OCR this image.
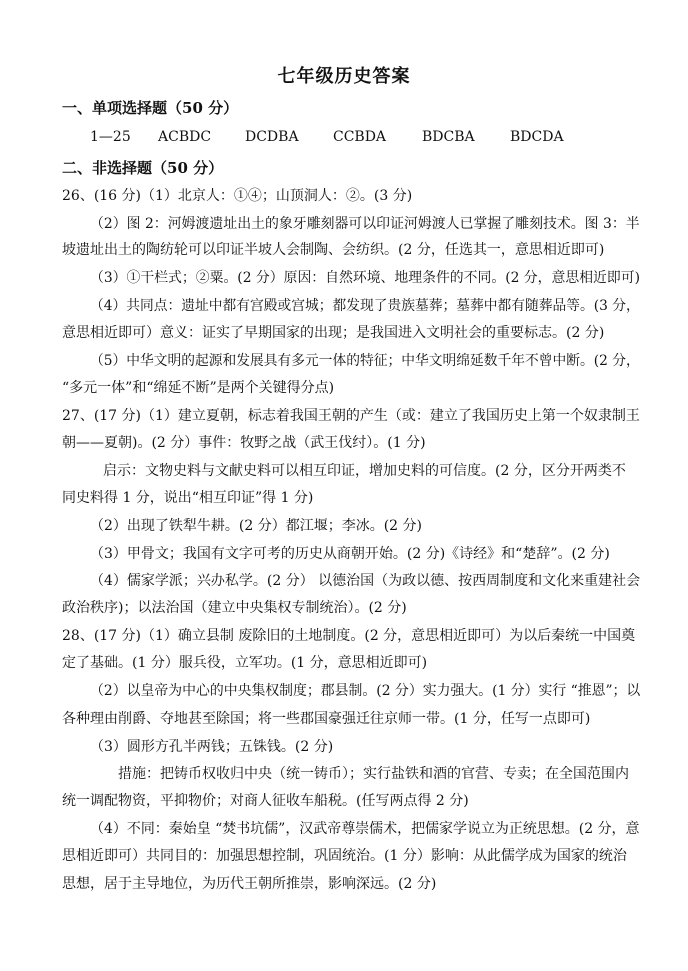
七年级历史答案
一、单项选择题（50 分）
1—25 ACBDC DCDBA CCBDA	BDCBA	BDCDA
二、非选择题（50 分）
26、(16 分)（1）北京人：①④；山顶洞人：②。(3 分)
（2）图 2：河姆渡遗址出土的象牙雕刻器可以印证河姆渡人已掌握了雕刻技术。图 3：半
坡遗址出土的陶纺轮可以印证半坡人会制陶、会纺织。(2 分，任选其一，意思相近即可)
（3）①干栏式；②粟。(2 分）原因：自然环境、地理条件的不同。(2 分，意思相近即可)
（4）共同点：遗址中都有宫殿或宫城；都发现了贵族墓葬；墓葬中都有随葬品等。(3 分，
意思相近即可）意义：证实了早期国家的出现；是我国进入文明社会的重要标志。(2 分)
（5）中华文明的起源和发展具有多元一体的特征；中华文明绵延数千年不曾中断。(2 分，
“多元一体”和“绵延不断”是两个关键得分点)
27、(17 分)（1）建立夏朝，标志着我国王朝的产生（或：建立了我国历史上第一个奴隶制王
朝——夏朝)。(2 分）事件：牧野之战（武王伐纣）。(1 分)
启示：文物史料与文献史料可以相互印证，增加史料的可信度。(2 分，区分开两类不
同史料得 1 分，说出“相互印证”得 1 分)
（2）出现了铁犁牛耕。(2 分）都江堰；李冰。(2 分)
（3）甲骨文；我国有文字可考的历史从商朝开始。(2 分)《诗经》和“楚辞”。(2 分)
（4）儒家学派；兴办私学。(2 分） 以德治国（为政以德、按西周制度和文化来重建社会
政治秩序)；以法治国（建立中央集权专制统治）。(2 分)
28、(17 分)（1）确立县制 废除旧的土地制度。(2 分，意思相近即可）为以后秦统一中国奠
定了基础。(1 分）服兵役，立军功。(1 分，意思相近即可)
（2）以皇帝为中心的中央集权制度；郡县制。(2 分）实力强大。(1 分）实行 “推恩”；以
各种理由削爵、夺地甚至除国；将一些郡国豪强迁往京师一带。(1 分，任写一点即可)
（3）圆形方孔半两钱；五铢钱。(2 分)
措施：把铸币权收归中央（统一铸币）；实行盐铁和酒的官营、专卖；在全国范围内
统一调配物资，平抑物价；对商人征收车船税。(任写两点得 2 分)
（4）不同：秦始皇 “焚书坑儒”，汉武帝尊崇儒术，把儒家学说立为正统思想。(2 分，意
思相近即可）共同目的：加强思想控制，巩固统治。(1 分）影响：从此儒学成为国家的统治
思想，居于主导地位，为历代王朝所推崇，影响深远。(2 分)
